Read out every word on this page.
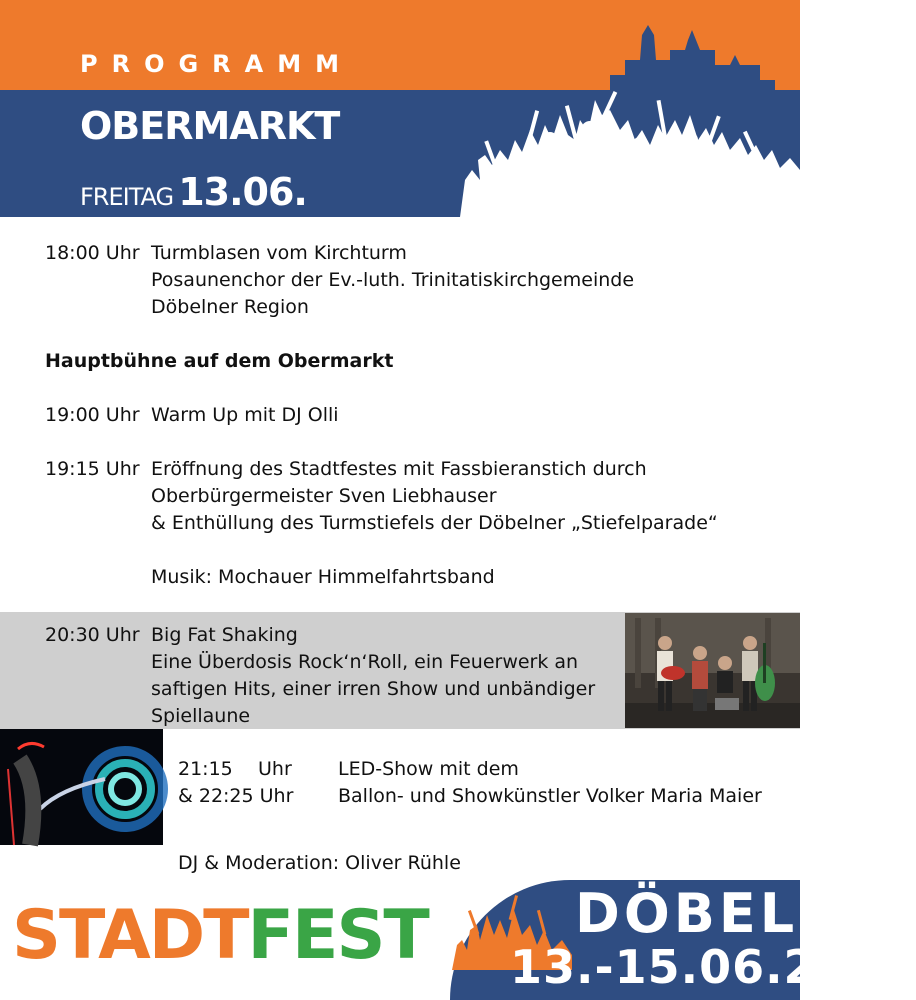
PROGRAMM
OBERMARKT
FREITAG 13.06.
18:00 Uhr Turmblasen vom Kirchturm
Posaunenchor der Ev.-luth. Trinitatiskirchgemeinde
Döbelner Region
Hauptbühne auf dem Obermarkt
19:00 Uhr Warm Up mit DJ Olli
19:15 Uhr Eröffnung des Stadtfestes mit Fassbieranstich durch
Oberbürgermeister Sven Liebhauser
& Enthüllung des Turmstiefels der Döbelner „Stiefelparade“
Musik: Mochauer Himmelfahrtsband
20:30 Uhr Big Fat Shaking
Eine Überdosis Rock‘n‘Roll, ein Feuerwerk an
saftigen Hits, einer irren Show und unbändiger
Spiellaune
21:15 Uhr LED-Show mit dem
& 22:25 Uhr Ballon- und Showkünstler Volker Maria Maier
DJ & Moderation: Oliver Rühle
STADTFEST	DÖBELN
13.-15.06.2025
